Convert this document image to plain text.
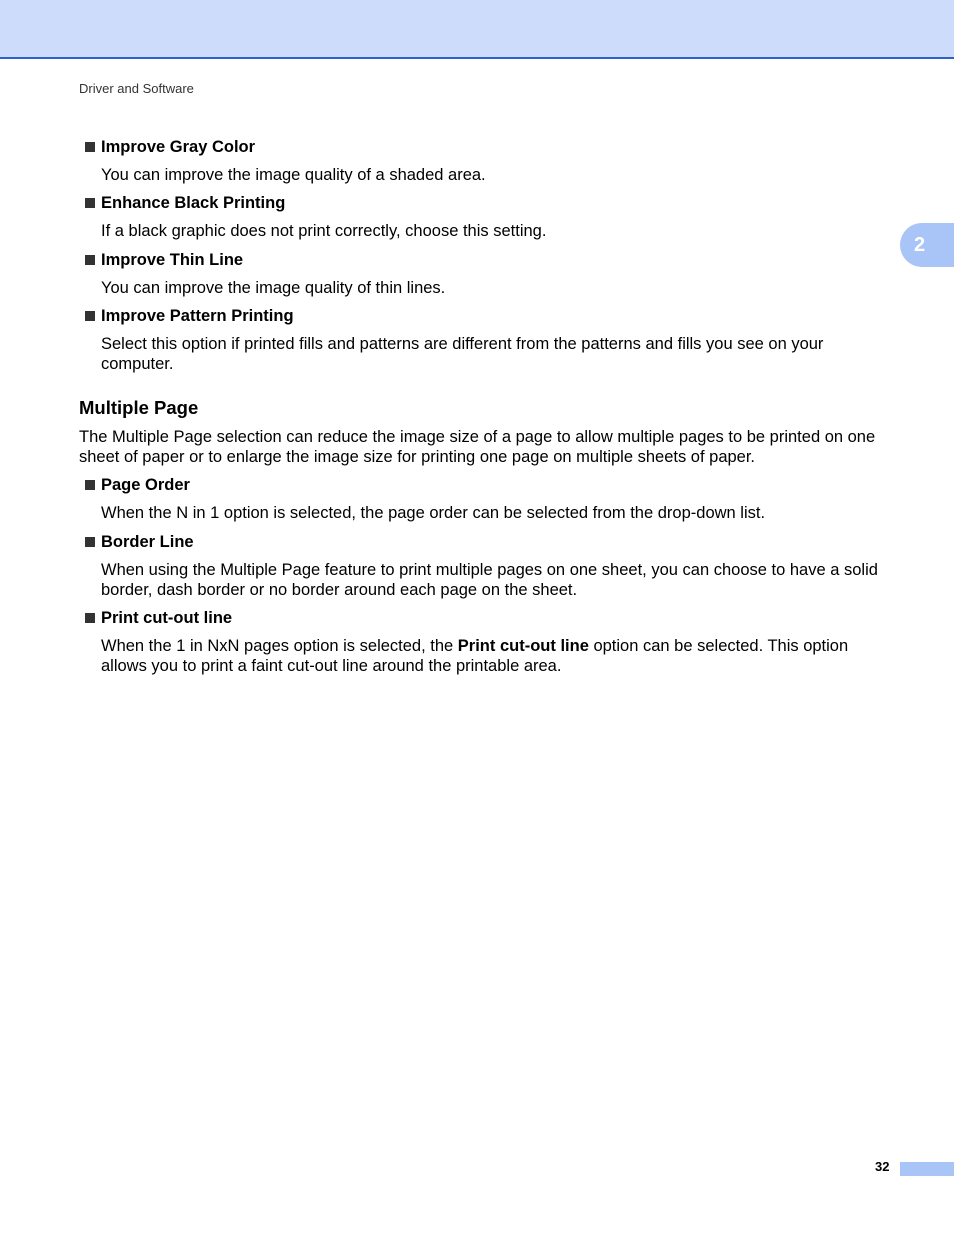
Driver and Software
2
Improve Gray Color
You can improve the image quality of a shaded area.
Enhance Black Printing
If a black graphic does not print correctly, choose this setting.
Improve Thin Line
You can improve the image quality of thin lines.
Improve Pattern Printing
Select this option if printed fills and patterns are different from the patterns and fills you see on your computer.
Multiple Page
The Multiple Page selection can reduce the image size of a page to allow multiple pages to be printed on one sheet of paper or to enlarge the image size for printing one page on multiple sheets of paper.
Page Order
When the N in 1 option is selected, the page order can be selected from the drop-down list.
Border Line
When using the Multiple Page feature to print multiple pages on one sheet, you can choose to have a solid border, dash border or no border around each page on the sheet.
Print cut-out line
When the 1 in NxN pages option is selected, the Print cut-out line option can be selected. This option allows you to print a faint cut-out line around the printable area.
32
